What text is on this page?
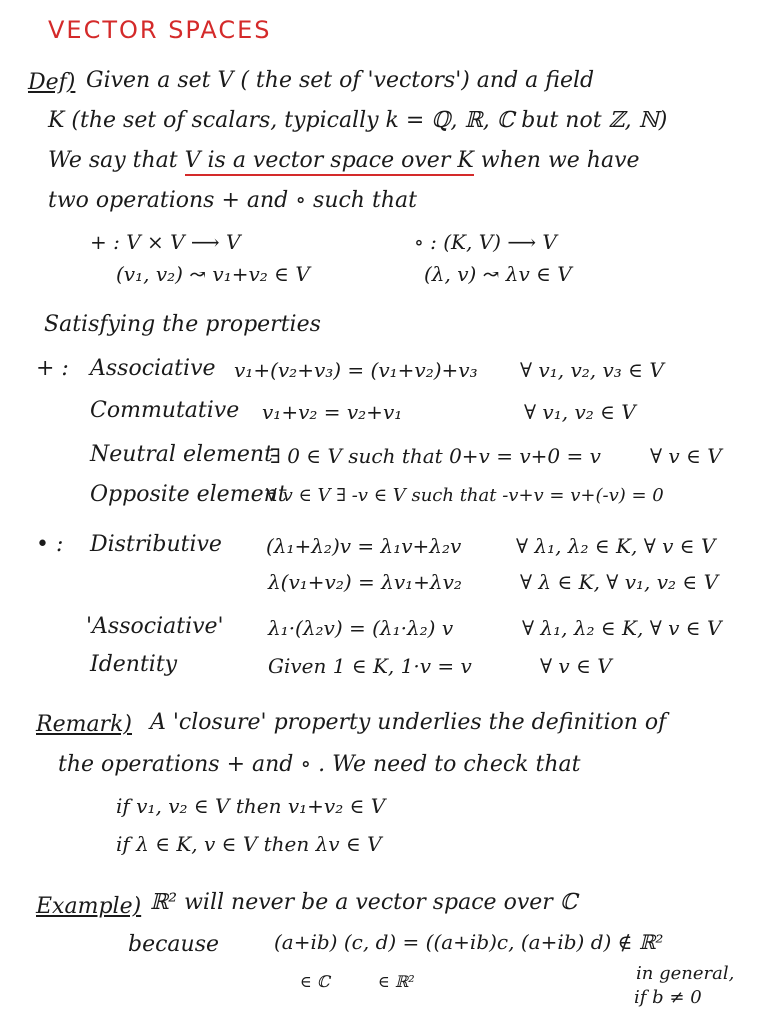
VECTOR SPACES
Def) Given a set V ( the set of 'vectors') and a field
K (the set of scalars, typically k = ℚ, ℝ, ℂ but not ℤ, ℕ)
We say that V is a vector space over K when we have
two operations + and ∘ such that
+ : V × V ⟶ V
(v₁, v₂) ↝ v₁+v₂ ∈ V
∘ : (K, V) ⟶ V
(λ, v) ↝ λv ∈ V
Satisfying the properties
+ : Associative v₁+(v₂+v₃) = (v₁+v₂)+v₃ ∀ v₁, v₂, v₃ ∈ V
Commutative v₁+v₂ = v₂+v₁	∀ v₁, v₂ ∈ V
Neutral element
∃ 0 ∈ V such that 0+v = v+0 = v ∀ v ∈ V
Opposite element
∀ v ∈ V ∃ -v ∈ V such that -v+v = v+(-v) = 0
• : Distributive (λ₁+λ₂)v = λ₁v+λ₂v	∀ λ₁, λ₂ ∈ K, ∀ v ∈ V
λ(v₁+v₂) = λv₁+λv₂	∀ λ ∈ K, ∀ v₁, v₂ ∈ V
'Associative' λ₁·(λ₂v) = (λ₁·λ₂) v	∀ λ₁, λ₂ ∈ K, ∀ v ∈ V
Identity	Given 1 ∈ K, 1·v = v	∀ v ∈ V
Remark) A 'closure' property underlies the definition of
the operations + and ∘ . We need to check that
if v₁, v₂ ∈ V then v₁+v₂ ∈ V
if λ ∈ K, v ∈ V then λv ∈ V
Example) ℝ² will never be a vector space over ℂ
because	(a+ib) (c, d) = ((a+ib)c, (a+ib) d) ∉ ℝ²
∈ ℂ	∈ ℝ²	in general,
if b ≠ 0
